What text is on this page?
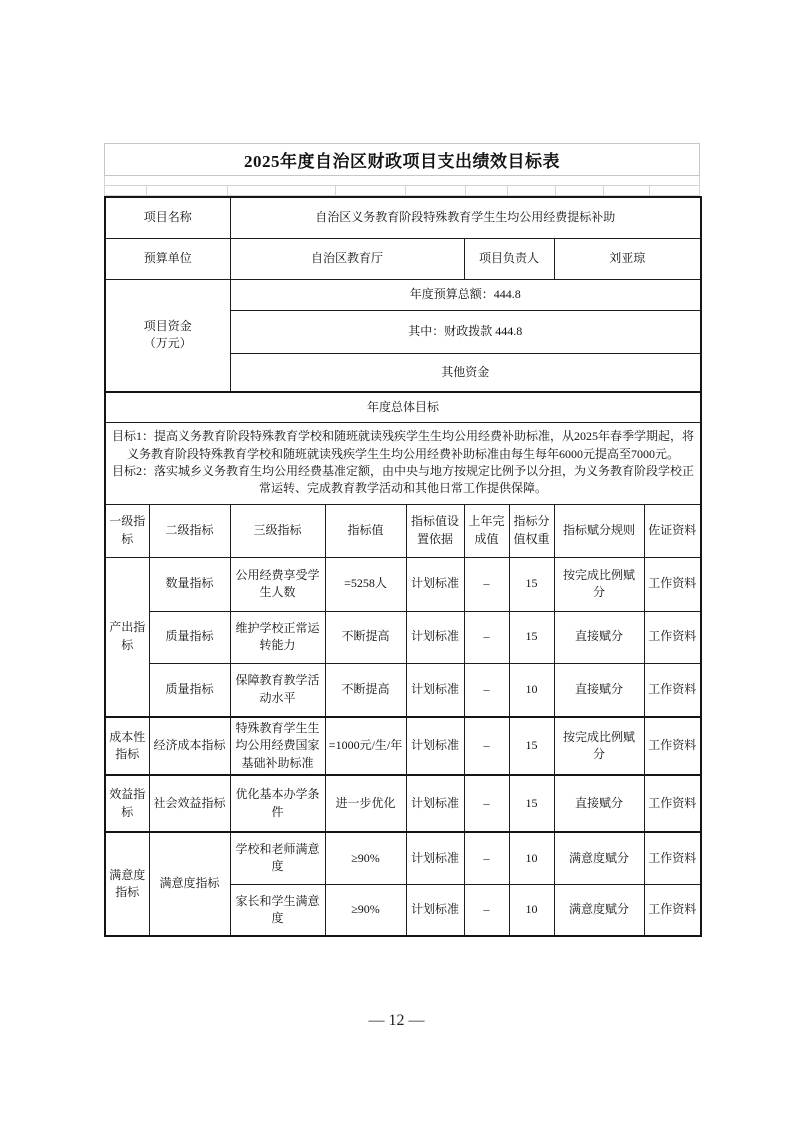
2025年度自治区财政项目支出绩效目标表
项目名称		自治区义务教育阶段特殊教育学生生均公用经费提标补助						
预算单位		自治区教育厅			项目负责人		刘亚琼	
项目资金
（万元）		年度预算总额：444.8						
		其中：财政拨款 444.8						
		其他资金						
年度总体目标								
目标1：提高义务教育阶段特殊教育学校和随班就读残疾学生生均公用经费补助标准，从2025年春季学期起，将义务教育阶段特殊教育学校和随班就读残疾学生生均公用经费补助标准由每生每年6000元提高至7000元。
目标2：落实城乡义务教育生均公用经费基准定额，由中央与地方按规定比例予以分担，为义务教育阶段学校正常运转、完成教育教学活动和其他日常工作提供保障。								
一级指标	二级指标	三级指标	指标值	指标值设置依据	上年完成值	指标分值权重	指标赋分规则	佐证资料
产出指标	数量指标	公用经费享受学生人数	=5258人	计划标准	–	15	按完成比例赋分	工作资料
	质量指标	维护学校正常运转能力	不断提高	计划标准	–	15	直接赋分	工作资料
	质量指标	保障教育教学活动水平	不断提高	计划标准	–	10	直接赋分	工作资料
成本性指标	经济成本指标	特殊教育学生生均公用经费国家基础补助标准	=1000元/生/年	计划标准	–	15	按完成比例赋分	工作资料
效益指标	社会效益指标	优化基本办学条件	进一步优化	计划标准	–	15	直接赋分	工作资料
满意度指标	满意度指标	学校和老师满意度	≥90%	计划标准	–	10	满意度赋分	工作资料
		家长和学生满意度	≥90%	计划标准	–	10	满意度赋分	工作资料
— 12 —
